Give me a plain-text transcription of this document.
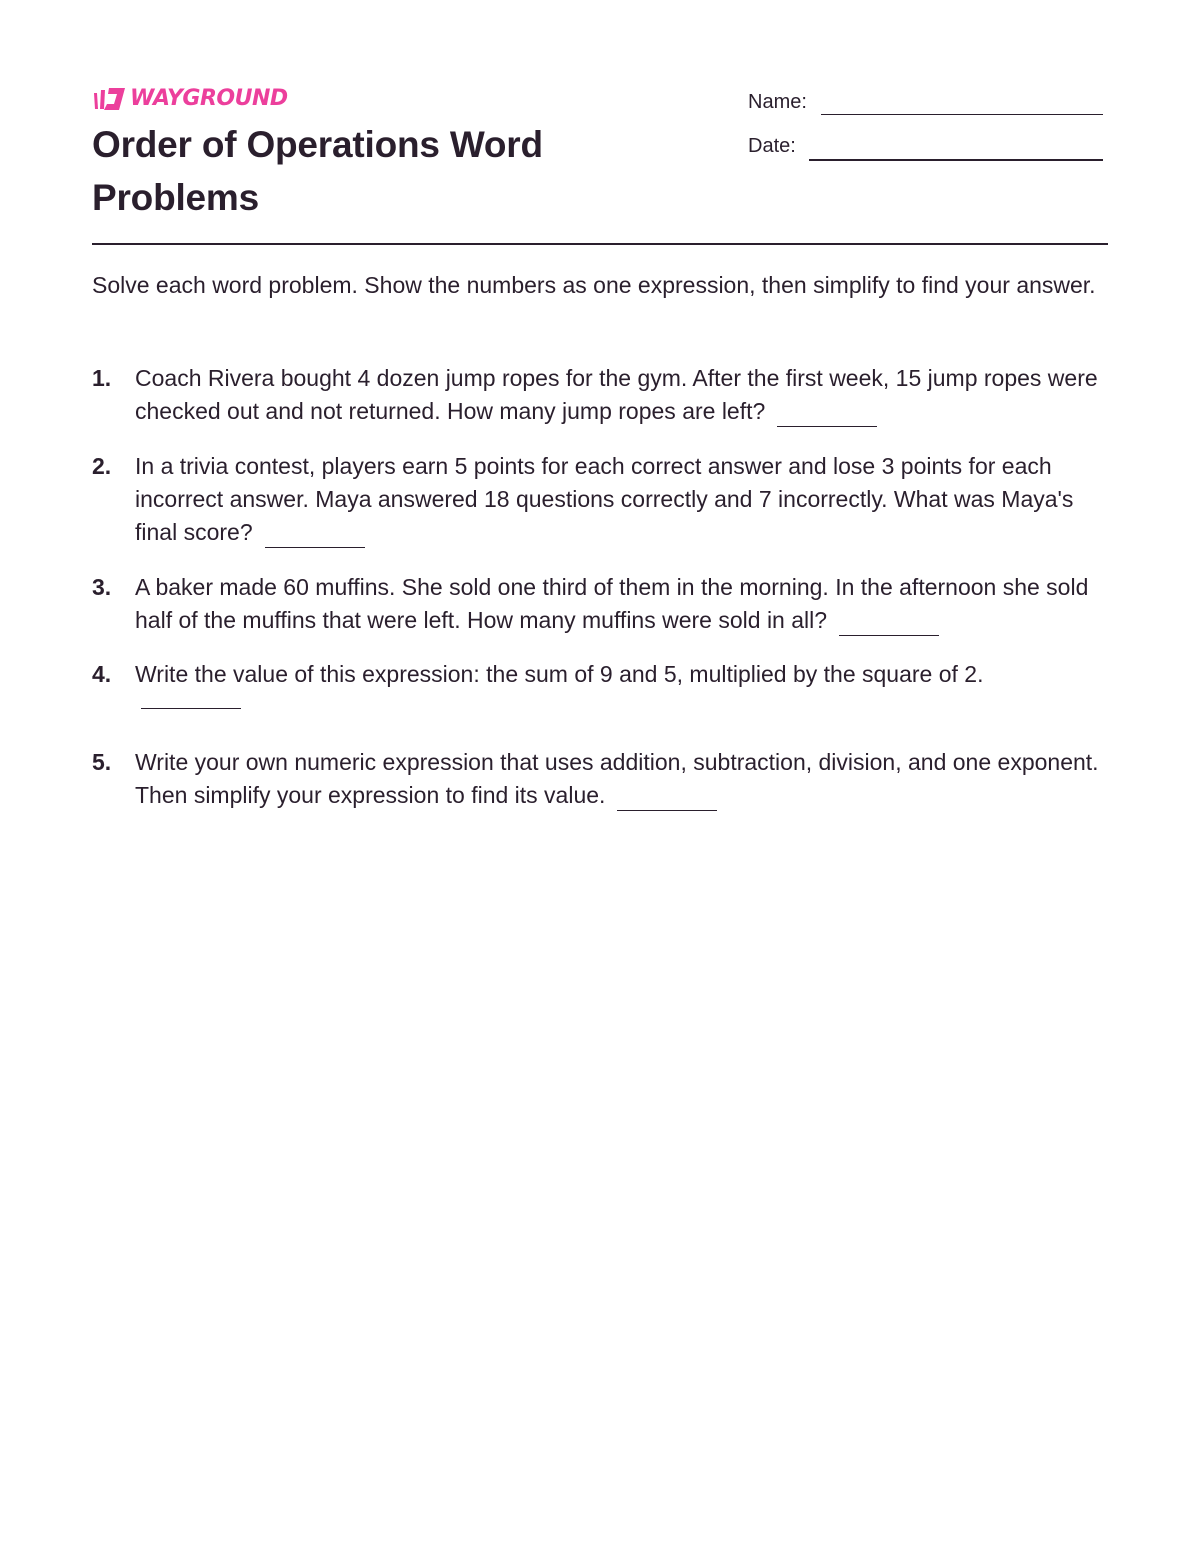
WAYGROUND
Order of Operations Word Problems
Name:
Date:

Solve each word problem. Show the numbers as one expression, then simplify to find your answer.

1.	Coach Rivera bought 4 dozen jump ropes for the gym. After the first week, 15 jump ropes were checked out and not returned. How many jump ropes are left?
2.	In a trivia contest, players earn 5 points for each correct answer and lose 3 points for each incorrect answer. Maya answered 18 questions correctly and 7 incorrectly. What was Maya's final score?
3.	A baker made 60 muffins. She sold one third of them in the morning. In the afternoon she sold half of the muffins that were left. How many muffins were sold in all?
4.	Write the value of this expression: the sum of 9 and 5, multiplied by the square of 2.
5.	Write your own numeric expression that uses addition, subtraction, division, and one exponent. Then simplify your expression to find its value.
